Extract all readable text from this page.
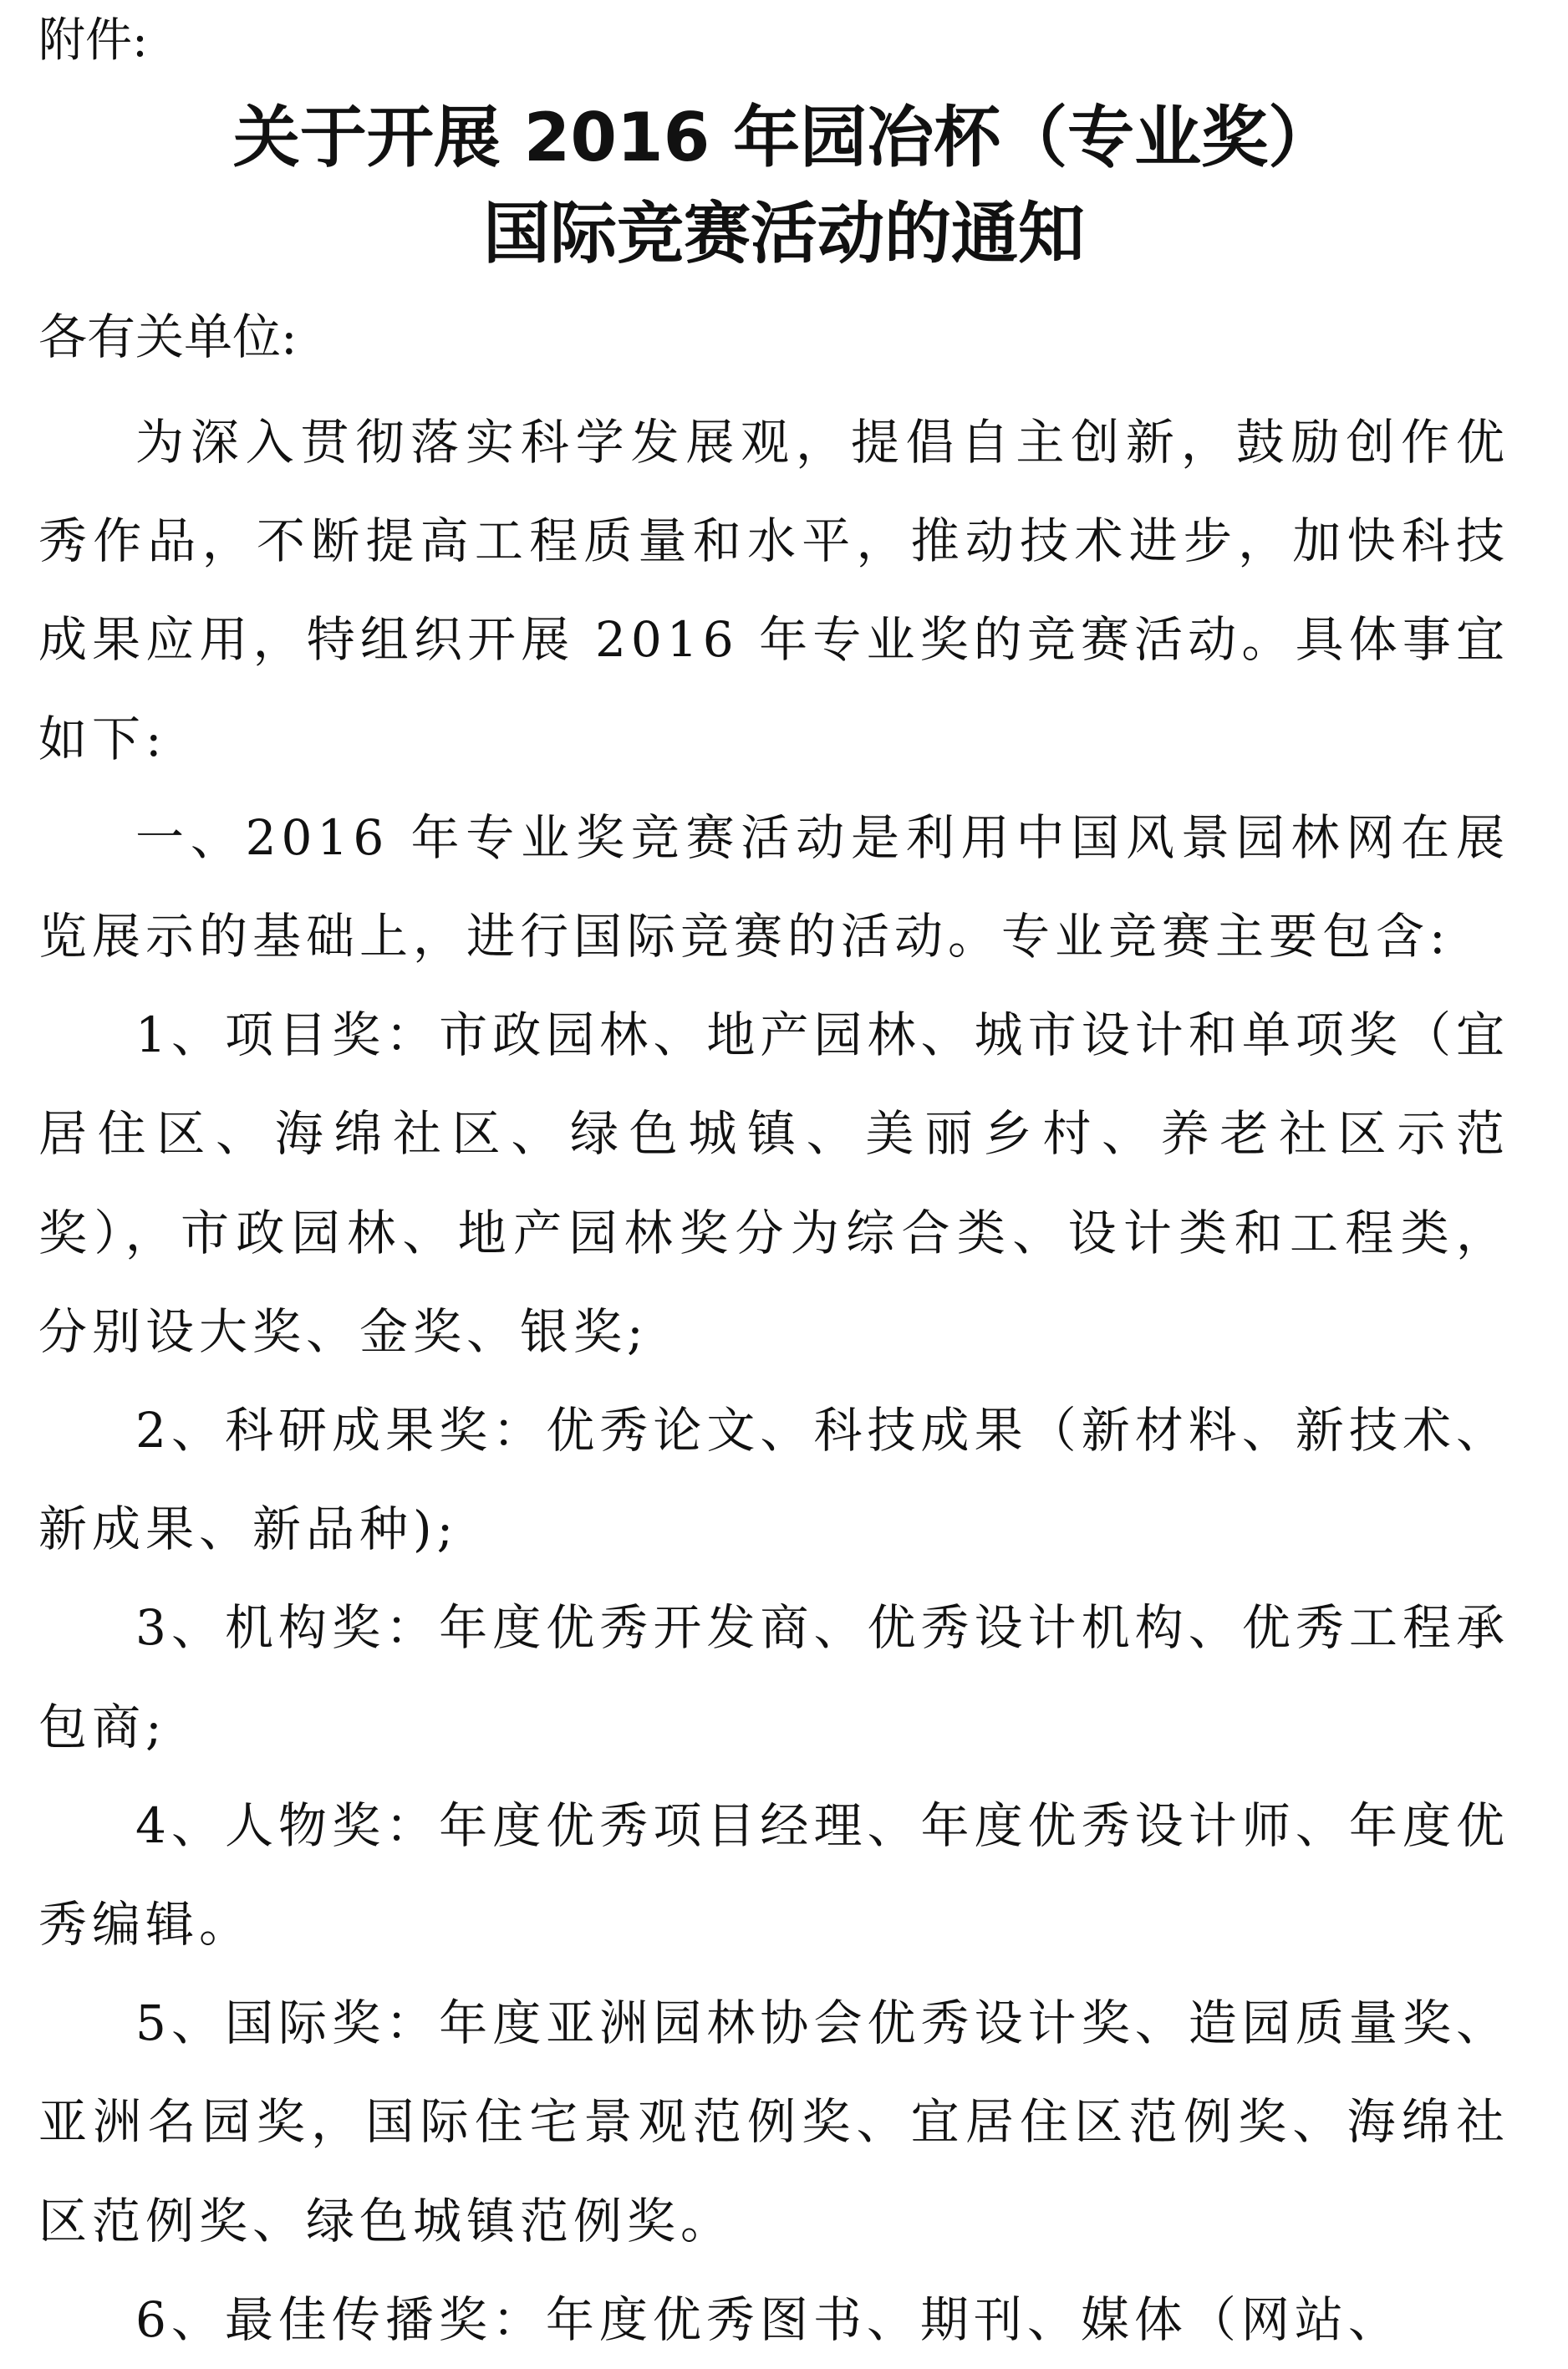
附件:
关于开展 2016 年园冶杯（专业奖）
国际竞赛活动的通知
各有关单位:

为深入贯彻落实科学发展观，提倡自主创新，鼓励创作优秀作品，不断提高工程质量和水平，推动技术进步，加快科技成果应用，特组织开展 2016 年专业奖的竞赛活动。具体事宜如下:

一、2016 年专业奖竞赛活动是利用中国风景园林网在展览展示的基础上，进行国际竞赛的活动。专业竞赛主要包含:

1、项目奖：市政园林、地产园林、城市设计和单项奖（宜居住区、海绵社区、绿色城镇、美丽乡村、养老社区示范奖），市政园林、地产园林奖分为综合类、设计类和工程类，分别设大奖、金奖、银奖;

2、科研成果奖：优秀论文、科技成果（新材料、新技术、新成果、新品种);

3、机构奖：年度优秀开发商、优秀设计机构、优秀工程承包商;

4、人物奖：年度优秀项目经理、年度优秀设计师、年度优秀编辑。

5、国际奖：年度亚洲园林协会优秀设计奖、造园质量奖、亚洲名园奖，国际住宅景观范例奖、宜居住区范例奖、海绵社区范例奖、绿色城镇范例奖。

6、最佳传播奖：年度优秀图书、期刊、媒体（网站、
